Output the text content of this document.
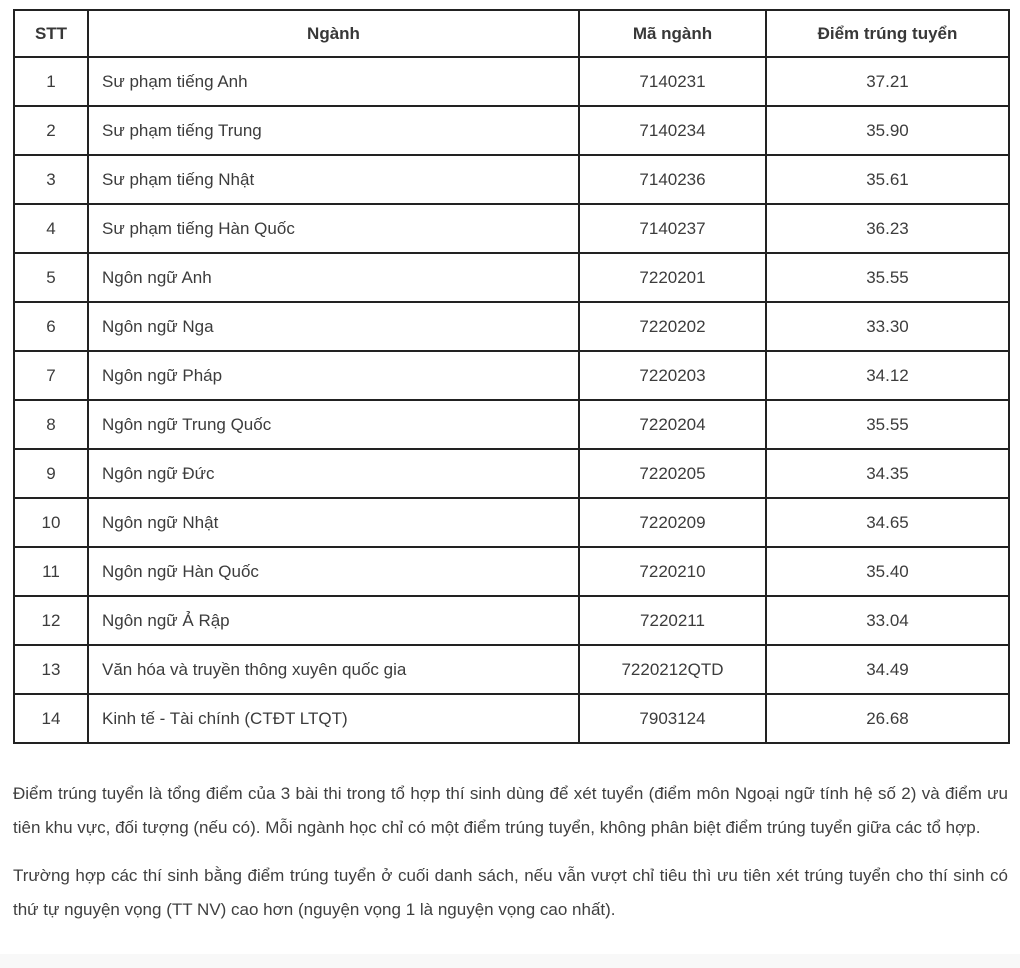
STT	Ngành	Mã ngành	Điểm trúng tuyển
1	Sư phạm tiếng Anh	7140231	37.21
2	Sư phạm tiếng Trung	7140234	35.90
3	Sư phạm tiếng Nhật	7140236	35.61
4	Sư phạm tiếng Hàn Quốc	7140237	36.23
5	Ngôn ngữ Anh	7220201	35.55
6	Ngôn ngữ Nga	7220202	33.30
7	Ngôn ngữ Pháp	7220203	34.12
8	Ngôn ngữ Trung Quốc	7220204	35.55
9	Ngôn ngữ Đức	7220205	34.35
10	Ngôn ngữ Nhật	7220209	34.65
11	Ngôn ngữ Hàn Quốc	7220210	35.40
12	Ngôn ngữ Ả Rập	7220211	33.04
13	Văn hóa và truyền thông xuyên quốc gia	7220212QTD	34.49
14	Kinh tế - Tài chính (CTĐT LTQT)	7903124	26.68

Điểm trúng tuyển là tổng điểm của 3 bài thi trong tổ hợp thí sinh dùng để xét tuyển (điểm môn Ngoại ngữ tính hệ số 2) và điểm ưu tiên khu vực, đối tượng (nếu có). Mỗi ngành học chỉ có một điểm trúng tuyển, không phân biệt điểm trúng tuyển giữa các tổ hợp.

Trường hợp các thí sinh bằng điểm trúng tuyển ở cuối danh sách, nếu vẫn vượt chỉ tiêu thì ưu tiên xét trúng tuyển cho thí sinh có thứ tự nguyện vọng (TT NV) cao hơn (nguyện vọng 1 là nguyện vọng cao nhất).
